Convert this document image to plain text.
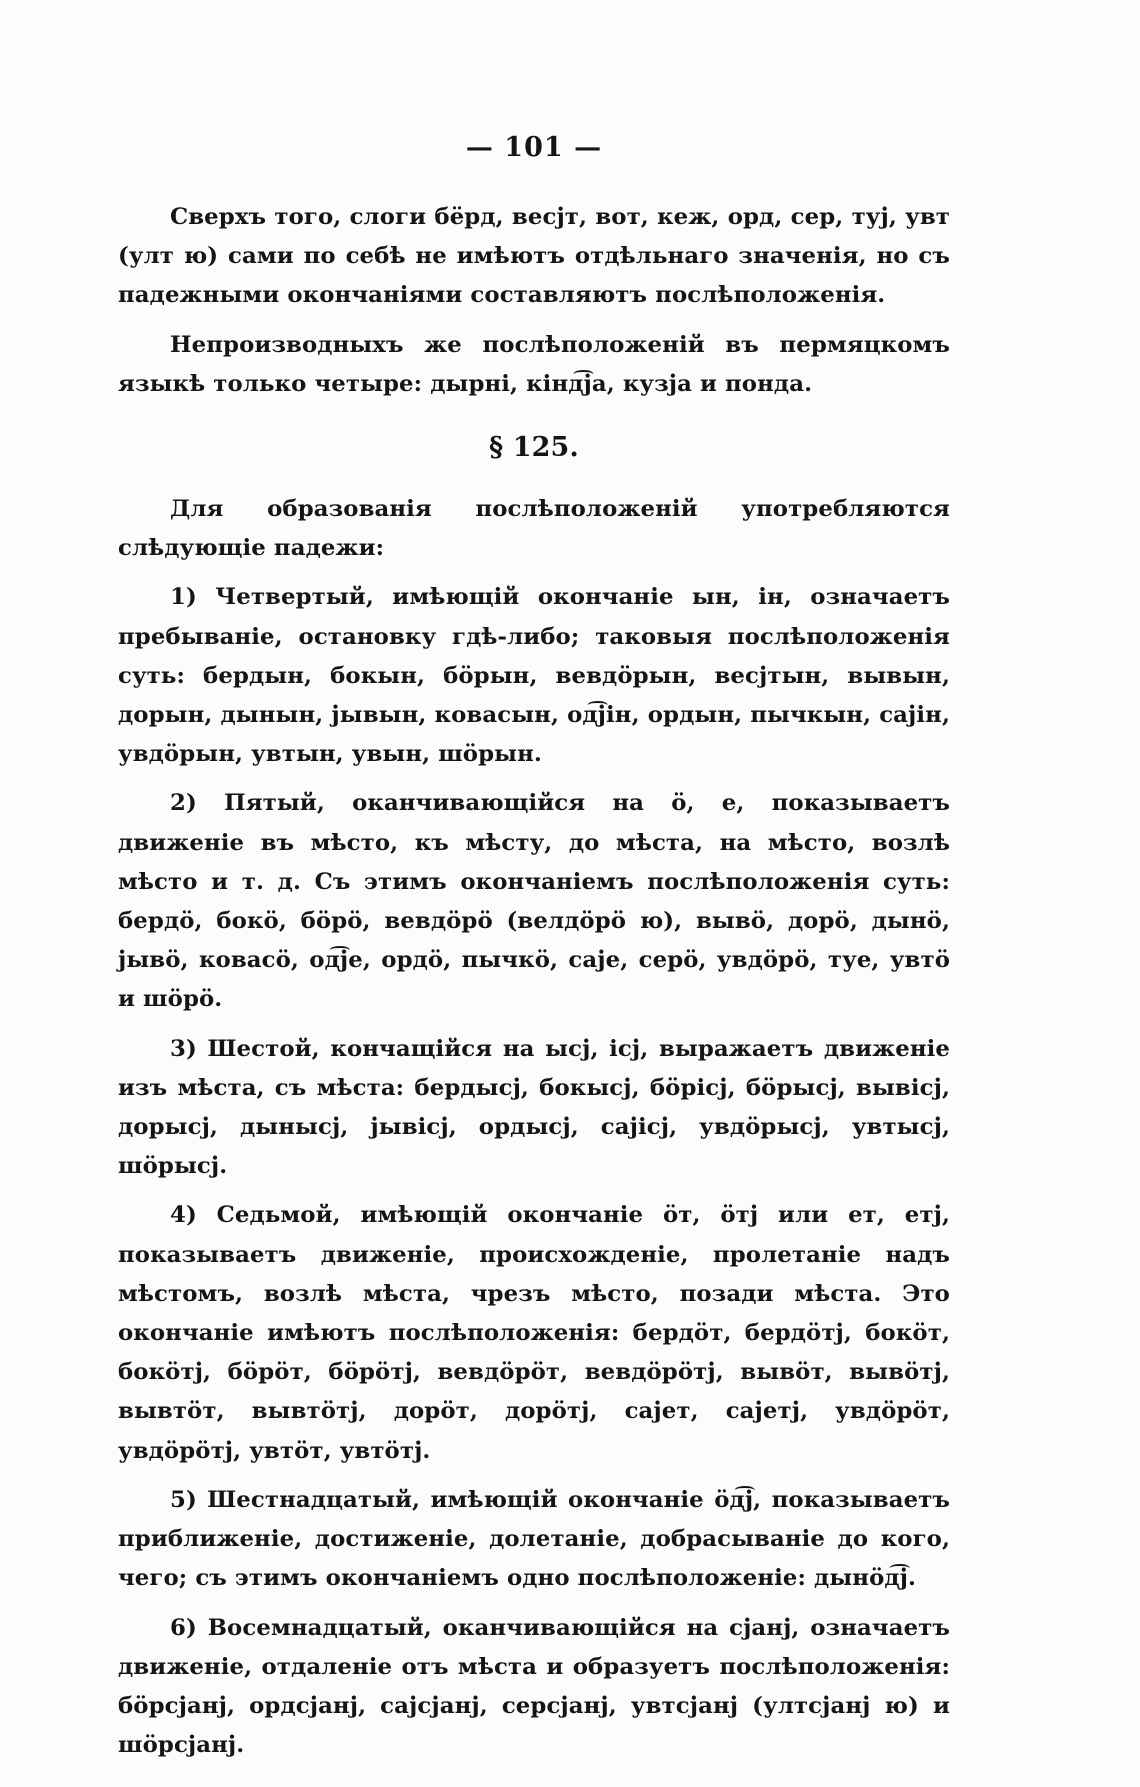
— 101 —

Сверхъ того, слоги бёрд, весјт, вот, кеж, орд, сер, туј, увт (улт ю) сами по себѣ не имѣютъ отдѣльнаго значенія, но съ падежными окончаніями составляютъ послѣположенія.

Непроизводныхъ же послѣположеній въ пермяцкомъ языкѣ только четыре: дырні, кінд͡ја, кузја и понда.

§ 125.

Для образованія послѣположеній употребляются слѣдующіе падежи:

1) Четвертый, имѣющій окончаніе ын, ін, означаетъ пребываніе, остановку гдѣ-либо; таковыя послѣположенія суть: бердын, бокын, бӧрын, вевдӧрын, весјтын, вывын, дорын, дынын, јывын, ковасын, од͡јін, ордын, пычкын, сајін, увдӧрын, увтын, увын, шӧрын.

2) Пятый, оканчивающійся на ӧ, е, показываетъ движеніе въ мѣсто, къ мѣсту, до мѣста, на мѣсто, возлѣ мѣсто и т. д. Съ этимъ окончаніемъ послѣположенія суть: бердӧ, бокӧ, бӧрӧ, вевдӧрӧ (велдӧрӧ ю), вывӧ, дорӧ, дынӧ, јывӧ, ковасӧ, од͡је, ордӧ, пычкӧ, саје, серӧ, увдӧрӧ, туе, увтӧ и шӧрӧ.

3) Шестой, кончащійся на ысј, ісј, выражаетъ движеніе изъ мѣста, съ мѣста: бердысј, бокысј, бӧрісј, бӧрысј, вывісј, дорысј, дынысј, јывісј, ордысј, сајісј, увдӧрысј, увтысј, шӧрысј.

4) Седьмой, имѣющій окончаніе ӧт, ӧтј или ет, етј, показываетъ движеніе, происхожденіе, пролетаніе надъ мѣстомъ, возлѣ мѣста, чрезъ мѣсто, позади мѣста. Это окончаніе имѣютъ послѣположенія: бердӧт, бердӧтј, бокӧт, бокӧтј, бӧрӧт, бӧрӧтј, вевдӧрӧт, вевдӧрӧтј, вывӧт, вывӧтј, вывтӧт, вывтӧтј, дорӧт, дорӧтј, сајет, сајетј, увдӧрӧт, увдӧрӧтј, увтӧт, увтӧтј.

5) Шестнадцатый, имѣющій окончаніе ӧд͡ј, показываетъ приближеніе, достиженіе, долетаніе, добрасываніе до кого, чего; съ этимъ окончаніемъ одно послѣположеніе: дынӧд͡ј.

6) Восемнадцатый, оканчивающійся на сјанј, означаетъ движеніе, отдаленіе отъ мѣста и образуетъ послѣположенія: бӧрсјанј, ордсјанј, сајсјанј, серсјанј, увтсјанј (ултсјанј ю) и шӧрсјанј.
